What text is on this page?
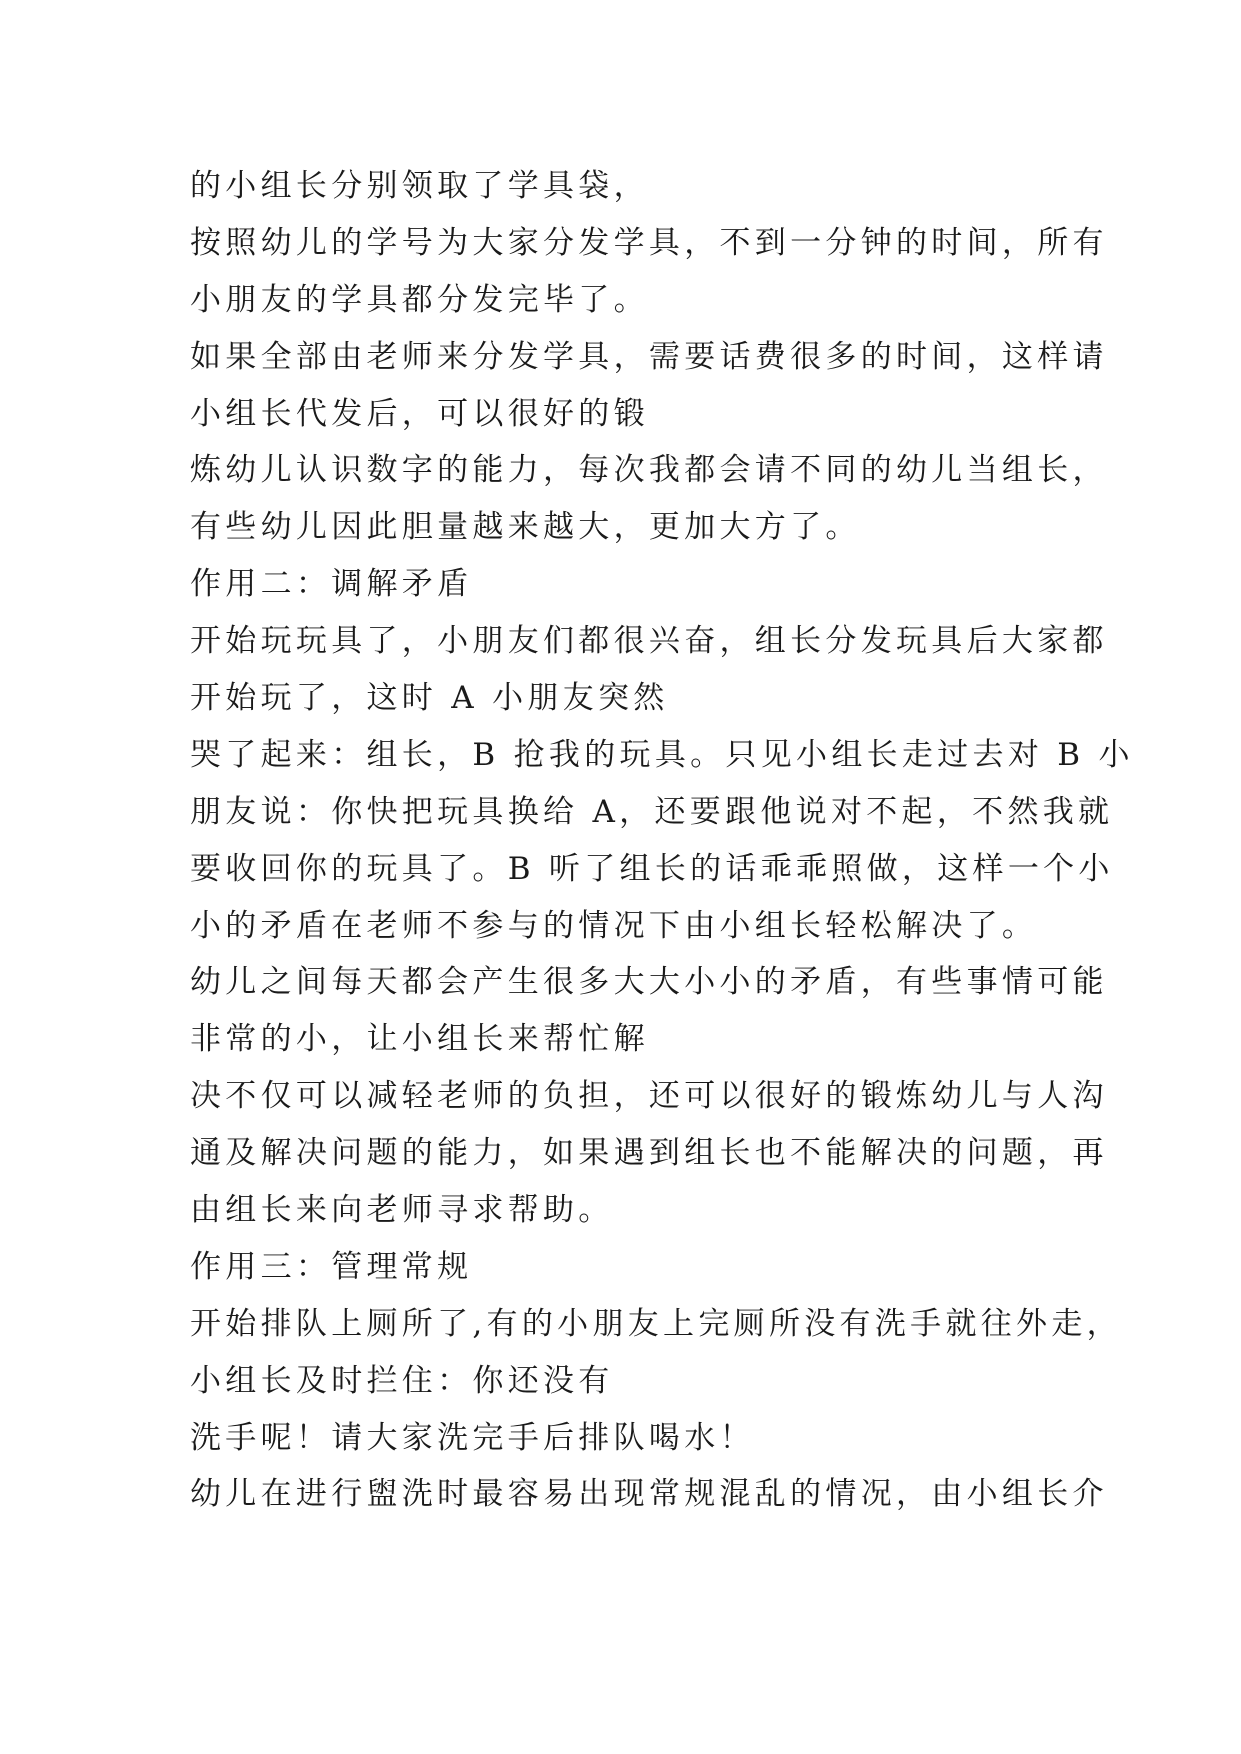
的小组长分别领取了学具袋，
按照幼儿的学号为大家分发学具，不到一分钟的时间，所有
小朋友的学具都分发完毕了。
如果全部由老师来分发学具，需要话费很多的时间，这样请
小组长代发后，可以很好的锻
炼幼儿认识数字的能力，每次我都会请不同的幼儿当组长，
有些幼儿因此胆量越来越大，更加大方了。
作用二：调解矛盾
开始玩玩具了，小朋友们都很兴奋，组长分发玩具后大家都
开始玩了，这时 A 小朋友突然
哭了起来：组长，B 抢我的玩具。只见小组长走过去对 B 小
朋友说：你快把玩具换给 A，还要跟他说对不起，不然我就
要收回你的玩具了。B 听了组长的话乖乖照做，这样一个小
小的矛盾在老师不参与的情况下由小组长轻松解决了。
幼儿之间每天都会产生很多大大小小的矛盾，有些事情可能
非常的小，让小组长来帮忙解
决不仅可以减轻老师的负担，还可以很好的锻炼幼儿与人沟
通及解决问题的能力，如果遇到组长也不能解决的问题，再
由组长来向老师寻求帮助。
作用三：管理常规
开始排队上厕所了,有的小朋友上完厕所没有洗手就往外走，
小组长及时拦住：你还没有
洗手呢！请大家洗完手后排队喝水！
幼儿在进行盥洗时最容易出现常规混乱的情况，由小组长介
